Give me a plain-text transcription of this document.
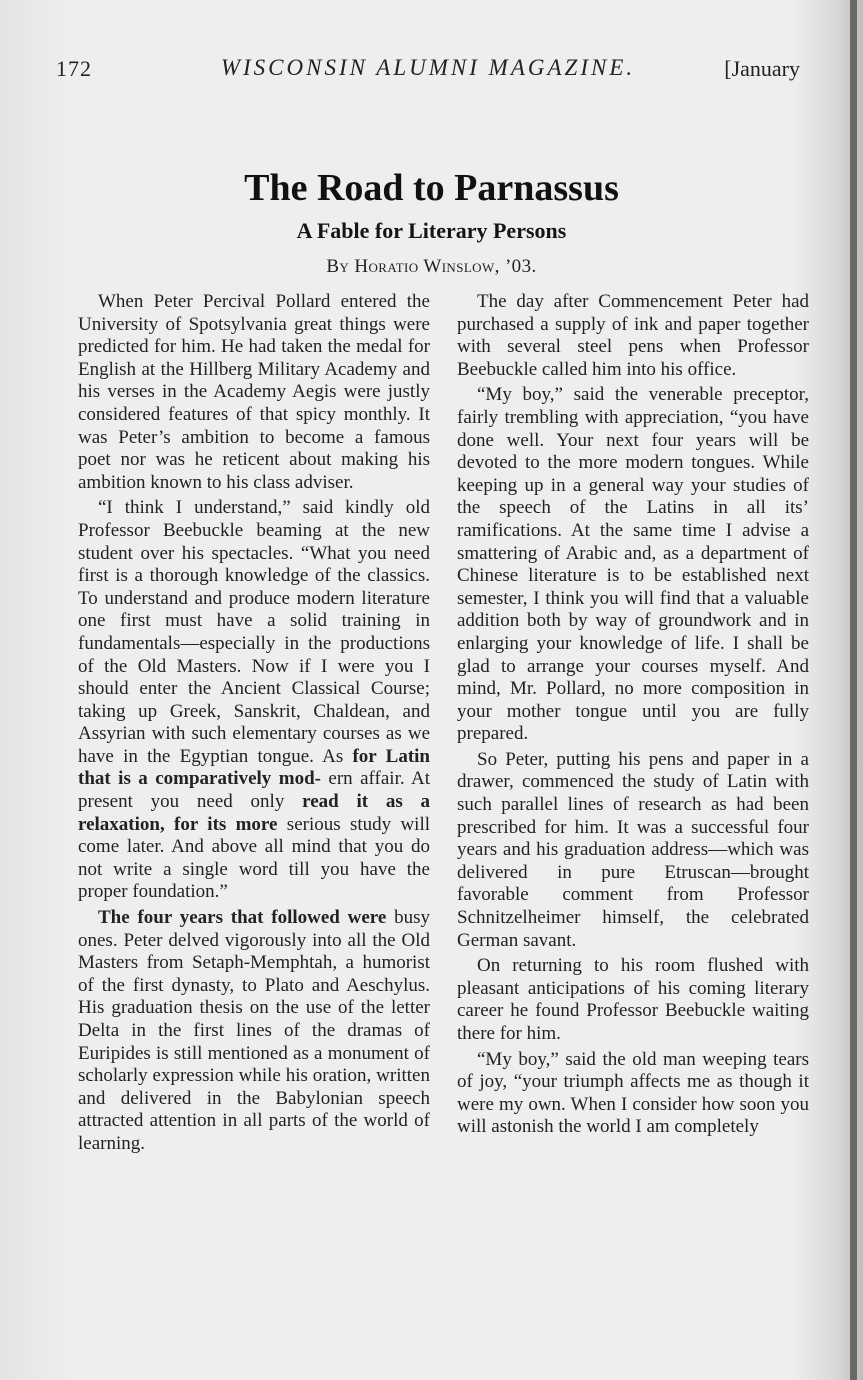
172	WISCONSIN ALUMNI MAGAZINE.	[January
The Road to Parnassus
A Fable for Literary Persons
By Horatio Winslow, ’03.

When Peter Percival Pollard entered the University of Spotsylvania great things were predicted for him. He had taken the medal for English at the Hillberg Military Academy and his verses in the Academy Aegis were justly considered features of that spicy monthly. It was Peter’s ambition to become a famous poet nor was he reticent about making his ambition known to his class adviser.

“I think I understand,” said kindly old Professor Beebuckle beaming at the new student over his spectacles. “What you need first is a thorough knowledge of the classics. To understand and produce modern literature one first must have a solid training in fundamentals—especially in the productions of the Old Masters. Now if I were you I should enter the Ancient Classical Course; taking up Greek, Sanskrit, Chaldean, and Assyrian with such elementary courses as we have in the Egyptian tongue. As for Latin that is a comparatively mod- ern affair. At present you need only read it as a relaxation, for its more serious study will come later. And above all mind that you do not write a single word till you have the proper foundation.”

The four years that followed were busy ones. Peter delved vigorously into all the Old Masters from Setaph-Memphtah, a humorist of the first dynasty, to Plato and Aeschylus. His graduation thesis on the use of the letter Delta in the first lines of the dramas of Euripides is still mentioned as a monument of scholarly expression while his oration, written and delivered in the Babylonian speech attracted attention in all parts of the world of learning.

The day after Commencement Peter had purchased a supply of ink and paper together with several steel pens when Professor Beebuckle called him into his office.

“My boy,” said the venerable preceptor, fairly trembling with appreciation, “you have done well. Your next four years will be devoted to the more modern tongues. While keeping up in a general way your studies of the speech of the Latins in all its’ ramifications. At the same time I advise a smattering of Arabic and, as a department of Chinese literature is to be established next semester, I think you will find that a valuable addition both by way of groundwork and in enlarging your knowledge of life. I shall be glad to arrange your courses myself. And mind, Mr. Pollard, no more composition in your mother tongue until you are fully prepared.

So Peter, putting his pens and paper in a drawer, commenced the study of Latin with such parallel lines of research as had been prescribed for him. It was a successful four years and his graduation address—which was delivered in pure Etruscan—brought favorable comment from Professor Schnitzelheimer himself, the celebrated German savant.

On returning to his room flushed with pleasant anticipations of his coming literary career he found Professor Beebuckle waiting there for him.

“My boy,” said the old man weeping tears of joy, “your triumph affects me as though it were my own. When I consider how soon you will astonish the world I am completely
